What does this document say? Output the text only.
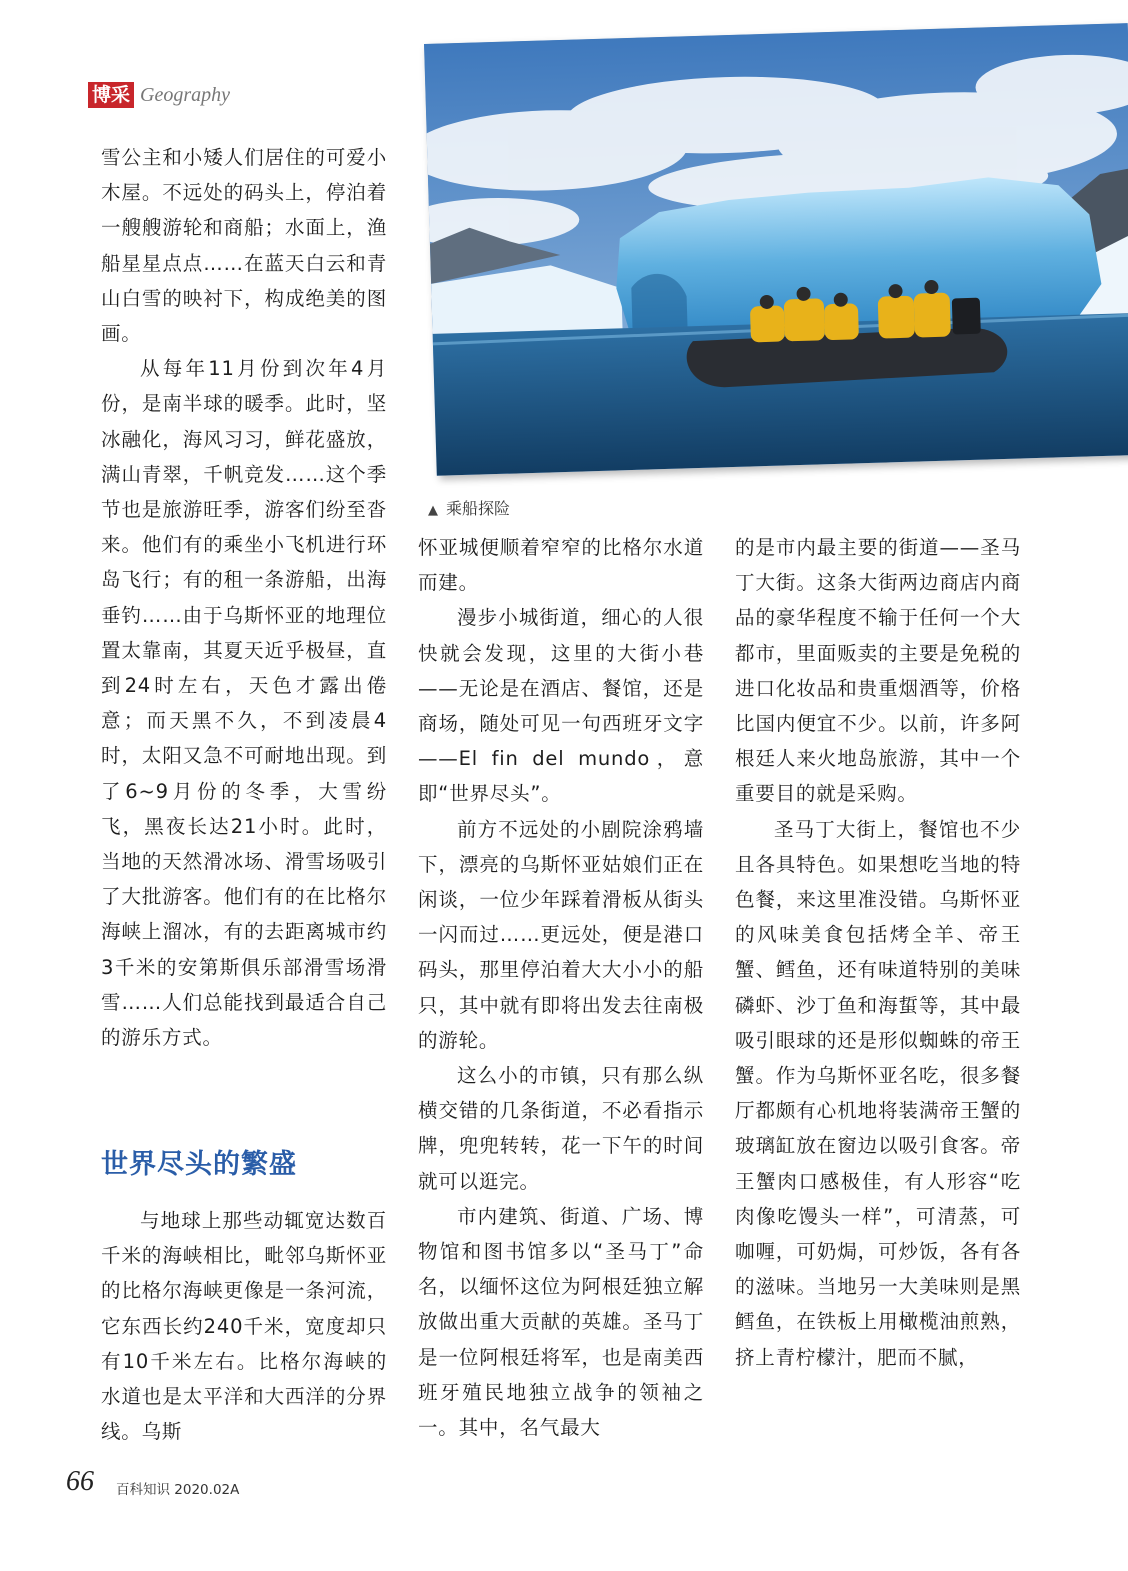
博采 Geography
▲ 乘船探险

雪公主和小矮人们居住的可爱小木屋。不远处的码头上，停泊着一艘艘游轮和商船；水面上，渔船星星点点……在蓝天白云和青山白雪的映衬下，构成绝美的图画。

从每年11月份到次年4月份，是南半球的暖季。此时，坚冰融化，海风习习，鲜花盛放，满山青翠，千帆竞发……这个季节也是旅游旺季，游客们纷至沓来。他们有的乘坐小飞机进行环岛飞行；有的租一条游船，出海垂钓……由于乌斯怀亚的地理位置太靠南，其夏天近乎极昼，直到24时左右，天色才露出倦意；而天黑不久，不到凌晨4时，太阳又急不可耐地出现。到了6~9月份的冬季，大雪纷飞，黑夜长达21小时。此时，当地的天然滑冰场、滑雪场吸引了大批游客。他们有的在比格尔海峡上溜冰，有的去距离城市约3千米的安第斯俱乐部滑雪场滑雪……人们总能找到最适合自己的游乐方式。

世界尽头的繁盛

与地球上那些动辄宽达数百千米的海峡相比，毗邻乌斯怀亚的比格尔海峡更像是一条河流，它东西长约240千米，宽度却只有10千米左右。比格尔海峡的水道也是太平洋和大西洋的分界线。乌斯

怀亚城便顺着窄窄的比格尔水道而建。

漫步小城街道，细心的人很快就会发现，这里的大街小巷——无论是在酒店、餐馆，还是商场，随处可见一句西班牙文字——El fin del mundo，意即“世界尽头”。

前方不远处的小剧院涂鸦墙下，漂亮的乌斯怀亚姑娘们正在闲谈，一位少年踩着滑板从街头一闪而过……更远处，便是港口码头，那里停泊着大大小小的船只，其中就有即将出发去往南极的游轮。

这么小的市镇，只有那么纵横交错的几条街道，不必看指示牌，兜兜转转，花一下午的时间就可以逛完。

市内建筑、街道、广场、博物馆和图书馆多以“圣马丁”命名，以缅怀这位为阿根廷独立解放做出重大贡献的英雄。圣马丁是一位阿根廷将军，也是南美西班牙殖民地独立战争的领袖之一。其中，名气最大

的是市内最主要的街道——圣马丁大街。这条大街两边商店内商品的豪华程度不输于任何一个大都市，里面贩卖的主要是免税的进口化妆品和贵重烟酒等，价格比国内便宜不少。以前，许多阿根廷人来火地岛旅游，其中一个重要目的就是采购。

圣马丁大街上，餐馆也不少且各具特色。如果想吃当地的特色餐，来这里准没错。乌斯怀亚的风味美食包括烤全羊、帝王蟹、鳕鱼，还有味道特别的美味磷虾、沙丁鱼和海蜇等，其中最吸引眼球的还是形似蜘蛛的帝王蟹。作为乌斯怀亚名吃，很多餐厅都颇有心机地将装满帝王蟹的玻璃缸放在窗边以吸引食客。帝王蟹肉口感极佳，有人形容“吃肉像吃馒头一样”，可清蒸，可咖喱，可奶焗，可炒饭，各有各的滋味。当地另一大美味则是黑鳕鱼，在铁板上用橄榄油煎熟，挤上青柠檬汁，肥而不腻，

66 百科知识 2020.02A
